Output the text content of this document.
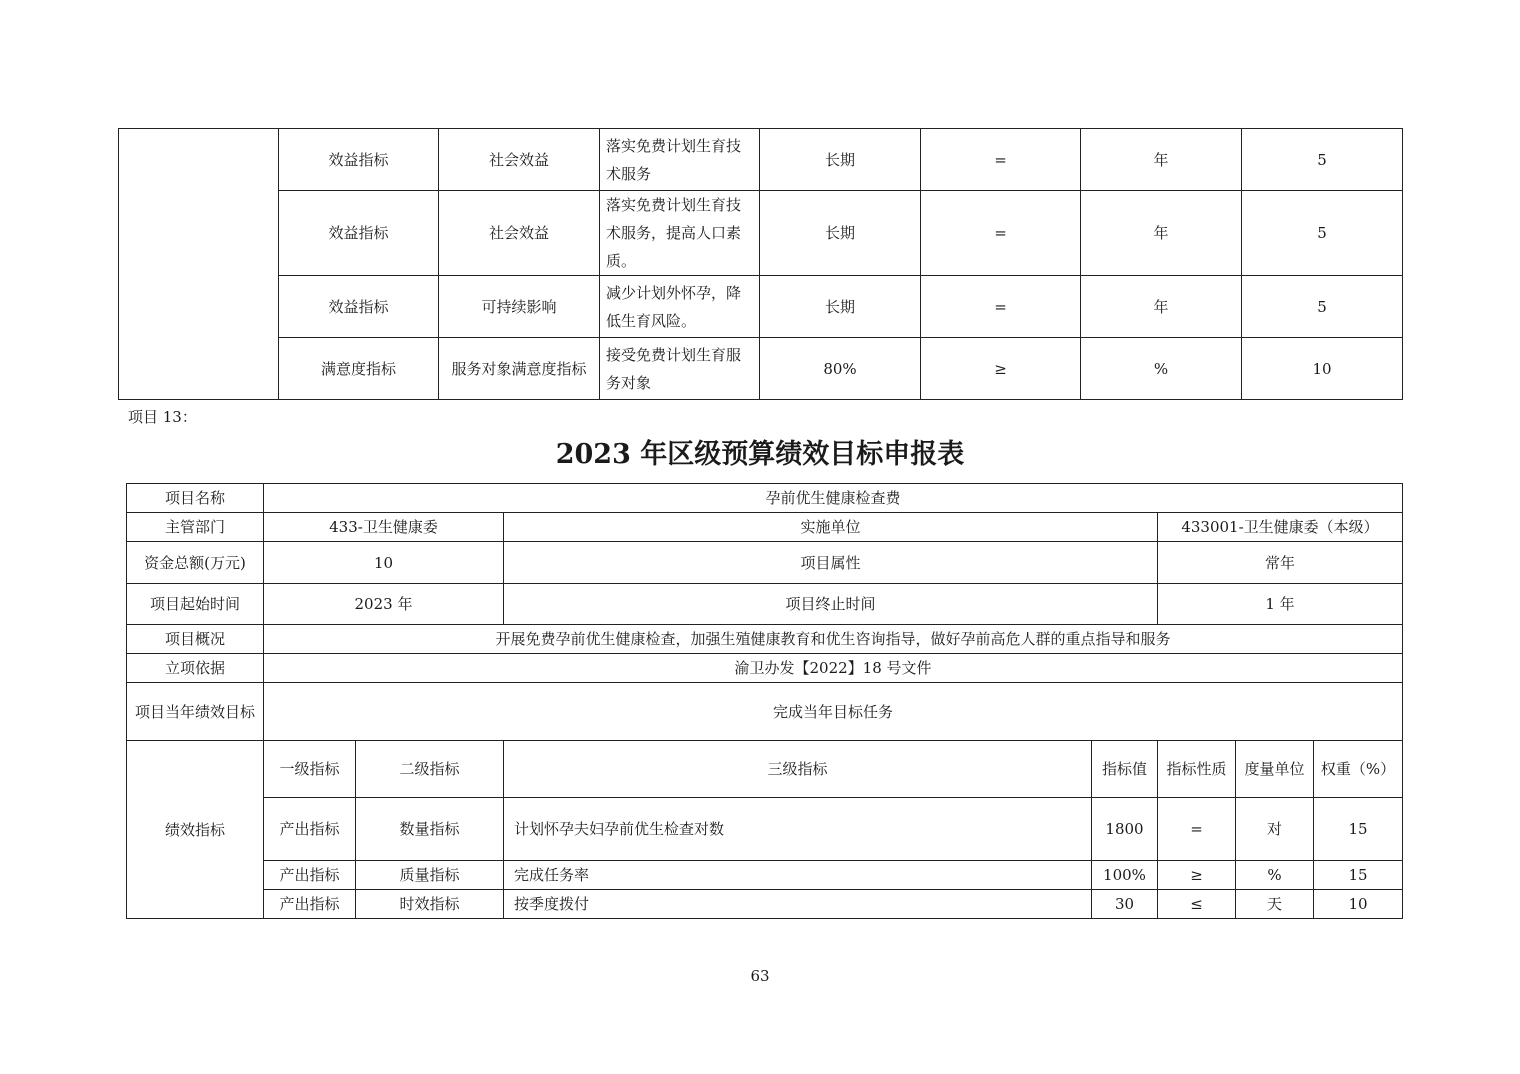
	效益指标	社会效益	落实免费计划生育技术服务	长期	=	年	5
	效益指标	社会效益	落实免费计划生育技术服务，提高人口素质。	长期	=	年	5
	效益指标	可持续影响	减少计划外怀孕，降低生育风险。	长期	=	年	5
	满意度指标	服务对象满意度指标	接受免费计划生育服务对象	80%	≥	%	10
项目 13：
2023 年区级预算绩效目标申报表
项目名称	孕前优生健康检查费						
主管部门	433-卫生健康委		实施单位		433001-卫生健康委（本级）		
资金总额(万元)	10		项目属性		常年		
项目起始时间	2023 年		项目终止时间		1 年		
项目概况	开展免费孕前优生健康检查，加强生殖健康教育和优生咨询指导，做好孕前高危人群的重点指导和服务						
立项依据	渝卫办发【2022】18 号文件						
项目当年绩效目标	完成当年目标任务						
绩效指标	一级指标	二级指标	三级指标	指标值	指标性质	度量单位	权重（%）
	产出指标	数量指标	计划怀孕夫妇孕前优生检查对数	1800	=	对	15
	产出指标	质量指标	完成任务率	100%	≥	%	15
	产出指标	时效指标	按季度拨付	30	≤	天	10
63
